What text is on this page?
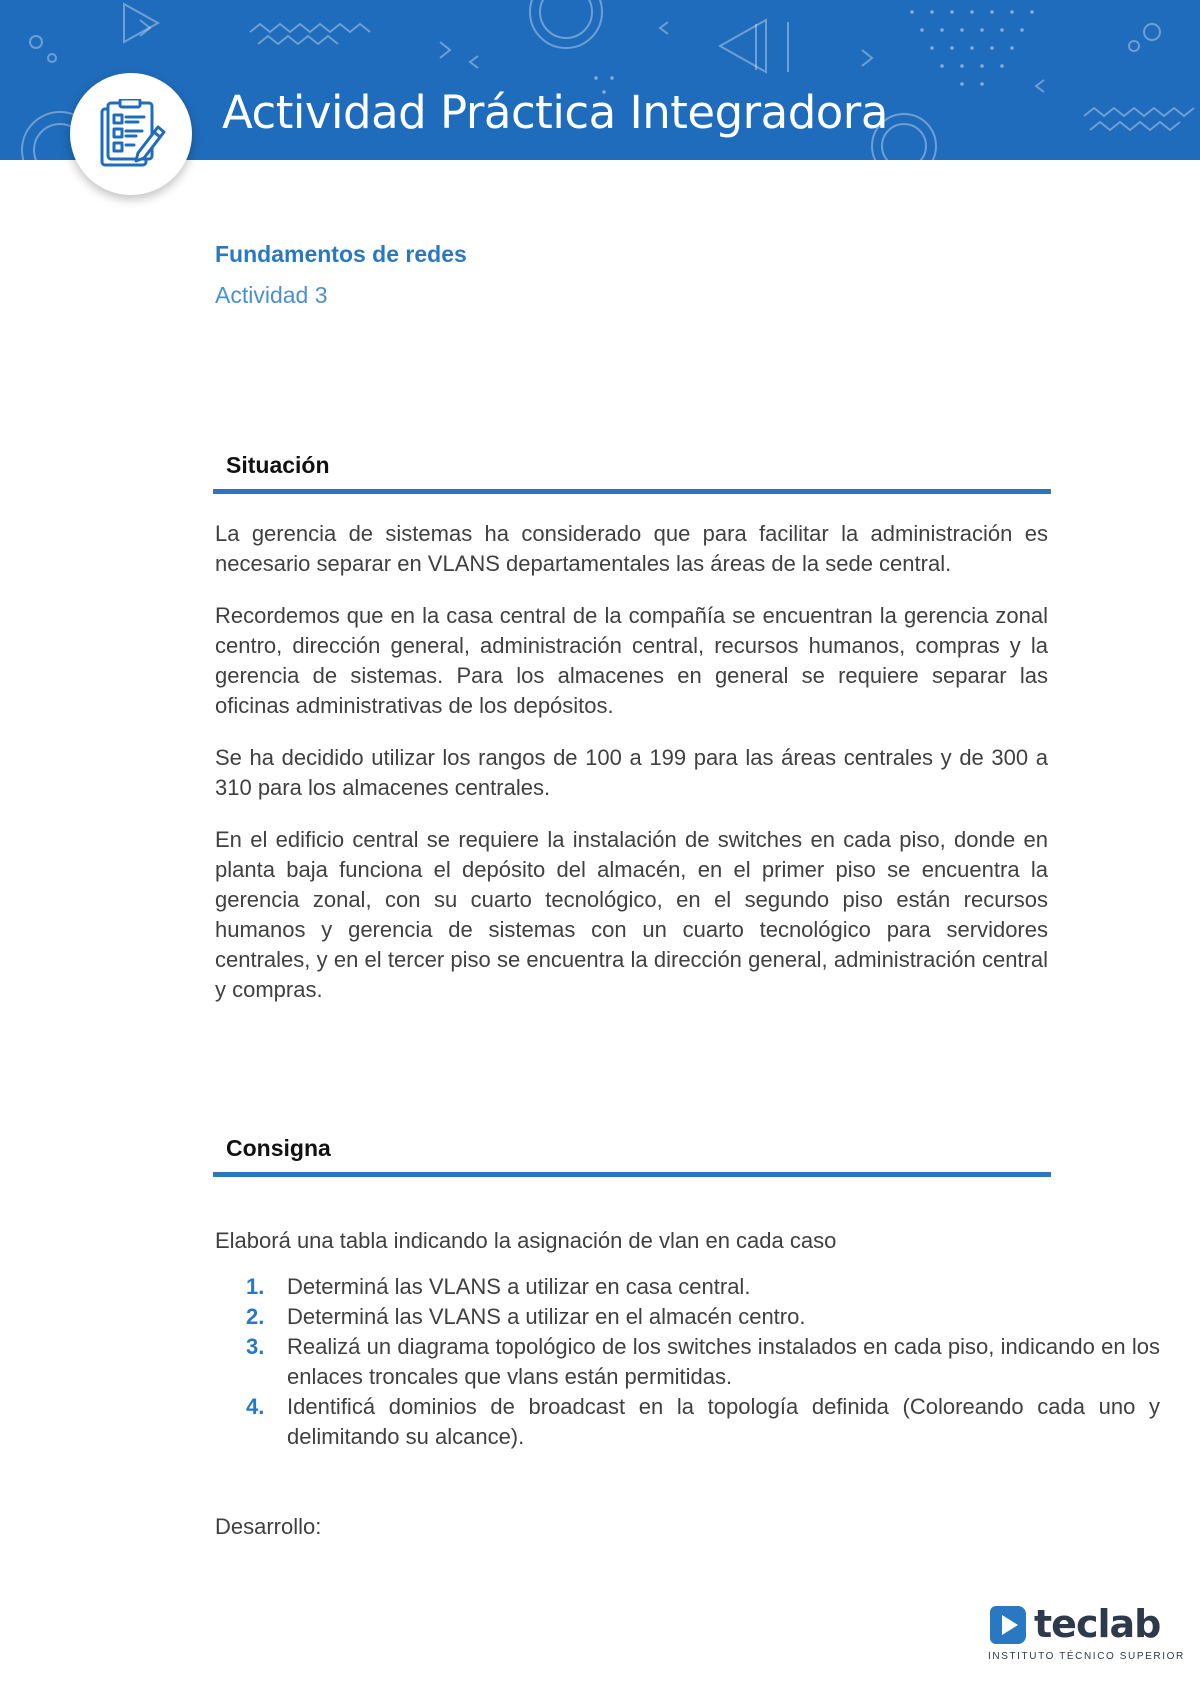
Actividad Práctica Integradora
Fundamentos de redes
Actividad 3
Situación

La gerencia de sistemas ha considerado que para facilitar la administración es necesario separar en VLANS departamentales las áreas de la sede central.

Recordemos que en la casa central de la compañía se encuentran la gerencia zonal centro, dirección general, administración central, recursos humanos, compras y la gerencia de sistemas. Para los almacenes en general se requiere separar las oficinas administrativas de los depósitos.

Se ha decidido utilizar los rangos de 100 a 199 para las áreas centrales y de 300 a 310 para los almacenes centrales.

En el edificio central se requiere la instalación de switches en cada piso, donde en planta baja funciona el depósito del almacén, en el primer piso se encuentra la gerencia zonal, con su cuarto tecnológico, en el segundo piso están recursos humanos y gerencia de sistemas con un cuarto tecnológico para servidores centrales, y en el tercer piso se encuentra la dirección general, administración central y compras.

Consigna
Elaborá una tabla indicando la asignación de vlan en cada caso
1. Determiná las VLANS a utilizar en casa central.
2. Determiná las VLANS a utilizar en el almacén centro.
3. Realizá un diagrama topológico de los switches instalados en cada piso, indicando en los enlaces troncales que vlans están permitidas.
4. Identificá dominios de broadcast en la topología definida (Coloreando cada uno y delimitando su alcance).
Desarrollo:
teclab
INSTITUTO TÉCNICO SUPERIOR
